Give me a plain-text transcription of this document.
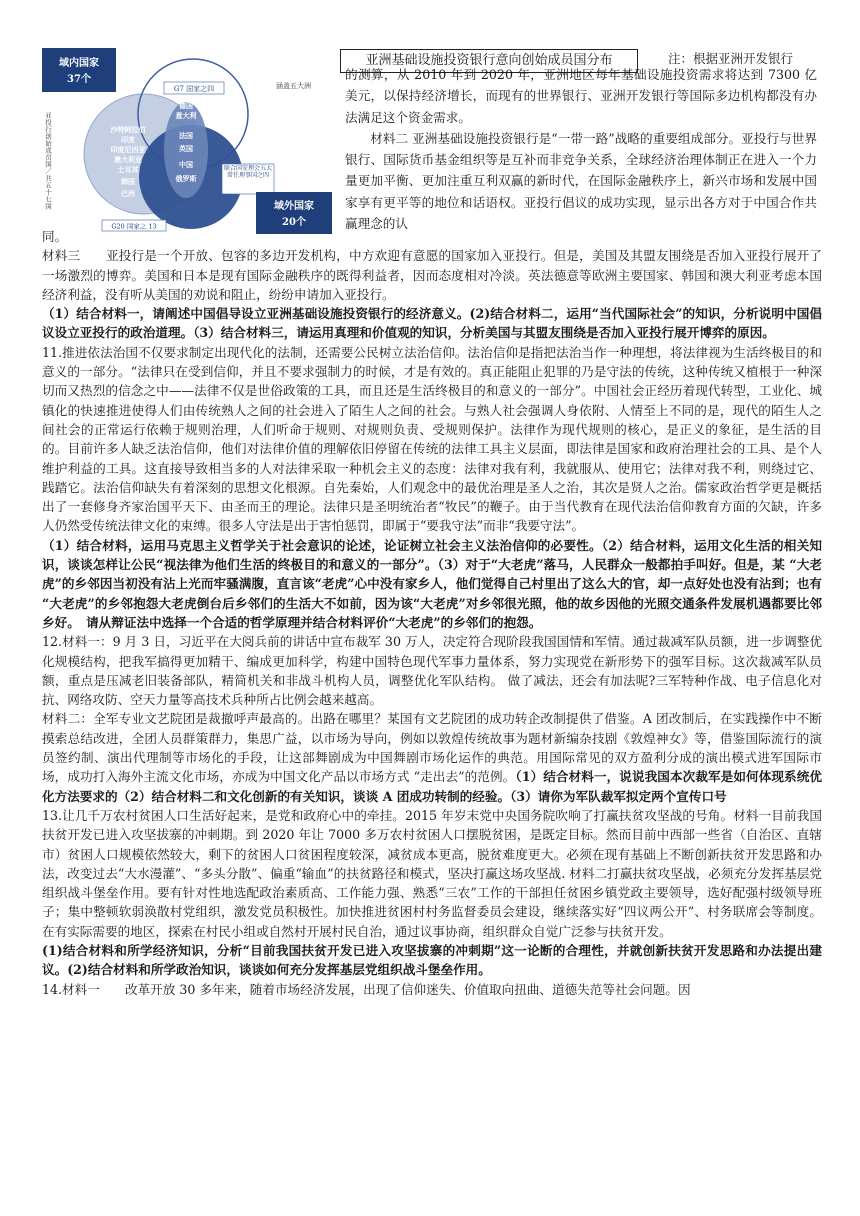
域内国家
37个
亚投行创始成员国／共五十七国
G7 国家之四
德国
意大利
法国
英国
中国
俄罗斯
沙特阿拉伯
印度
印度尼西亚
澳大利亚
土耳其
韩国
巴西
G20 国家之 13
联合国安理会五大常任理事国之四
涵盖五大洲
域外国家
20个
亚洲基础设施投资银行意向创始成员国分布	注：根据亚洲开发银行

的测算，从 2010 年到 2020 年，亚洲地区每年基础设施投资需求将达到 7300 亿美元，以保持经济增长，而现有的世界银行、亚洲开发银行等国际多边机构都没有办法满足这个资金需求。

材料二 亚洲基础设施投资银行是“一带一路”战略的重要组成部分。亚投行与世界银行、国际货币基金组织等是互补而非竞争关系，全球经济治理体制正在进入一个力量更加平衡、更加注重互利双赢的新时代，在国际金融秩序上，新兴市场和发展中国家享有更平等的地位和话语权。亚投行倡议的成功实现，显示出各方对于中国合作共赢理念的认

同。

材料三　　亚投行是一个开放、包容的多边开发机构，中方欢迎有意愿的国家加入亚投行。但是，美国及其盟友围绕是否加入亚投行展开了一场激烈的博弈。美国和日本是现有国际金融秩序的既得利益者，因而态度相对冷淡。英法德意等欧洲主要国家、韩国和澳大利亚考虑本国经济利益，没有听从美国的劝说和阻止，纷纷申请加入亚投行。

（1）结合材料一，请阐述中国倡导设立亚洲基础设施投资银行的经济意义。(2)结合材料二，运用“当代国际社会”的知识，分析说明中国倡议设立亚投行的政治道理。（3）结合材料三，请运用真理和价值观的知识，分析美国与其盟友围绕是否加入亚投行展开博弈的原因。

11.推进依法治国不仅要求制定出现代化的法制，还需要公民树立法治信仰。法治信仰是指把法治当作一种理想，将法律视为生活终极目的和意义的一部分。“法律只在受到信仰，并且不要求强制力的时候，才是有效的。真正能阻止犯罪的乃是守法的传统，这种传统又植根于一种深切而又热烈的信念之中——法律不仅是世俗政策的工具，而且还是生活终极目的和意义的一部分”。中国社会正经历着现代转型，工业化、城镇化的快速推进使得人们由传统熟人之间的社会进入了陌生人之间的社会。与熟人社会强调人身依附、人情至上不同的是，现代的陌生人之间社会的正常运行依赖于规则治理，人们听命于规则、对规则负责、受规则保护。法律作为现代规则的核心，是正义的象征，是生活的目的。目前许多人缺乏法治信仰，他们对法律价值的理解依旧停留在传统的法律工具主义层面，即法律是国家和政府治理社会的工具、是个人维护利益的工具。这直接导致相当多的人对法律采取一种机会主义的态度：法律对我有利，我就服从、使用它；法律对我不利，则绕过它、践踏它。法治信仰缺失有着深刻的思想文化根源。自先秦始，人们观念中的最优治理是圣人之治，其次是贤人之治。儒家政治哲学更是概括出了一套修身齐家治国平天下、由圣而王的理论。法律只是圣明统治者“牧民”的鞭子。由于当代教育在现代法治信仰教育方面的欠缺，许多人仍然受传统法律文化的束缚。很多人守法是出于害怕惩罚，即属于“要我守法”而非“我要守法”。

（1）结合材料，运用马克思主义哲学关于社会意识的论述，论证树立社会主义法治信仰的必要性。（2）结合材料，运用文化生活的相关知识，谈谈怎样让公民“视法律为他们生活的终极目的和意义的一部分”。（3）对于“大老虎”落马，人民群众一般都拍手叫好。但是，某 “大老虎”的乡邻因当初没有沾上光而牢骚满腹，直言该“老虎”心中没有家乡人，他们觉得自己村里出了这么大的官，却一点好处也没有沾到；也有 “大老虎”的乡邻抱怨大老虎倒台后乡邻们的生活大不如前，因为该“大老虎”对乡邻很光照，他的故乡因他的光照交通条件发展机遇都要比邻乡好。　请从辩证法中选择一个合适的哲学原理并结合材料评价“大老虎”的乡邻们的抱怨。

12.材料一：9 月 3 日，习近平在大阅兵前的讲话中宣布裁军 30 万人，决定符合现阶段我国国情和军情。通过裁减军队员额，进一步调整优化规模结构，把我军搞得更加精干、编成更加科学，构建中国特色现代军事力量体系，努力实现党在新形势下的强军目标。这次裁减军队员额，重点是压减老旧装备部队，精简机关和非战斗机构人员，调整优化军队结构。 做了减法，还会有加法呢?三军特种作战、电子信息化对抗、网络攻防、空天力量等高技术兵种所占比例会越来越高。

材料二：全军专业文艺院团是裁撤呼声最高的。出路在哪里？某国有文艺院团的成功转企改制提供了借鉴。A 团改制后，在实践操作中不断摸索总结改进，全团人员群策群力，集思广益，以市场为导向，例如以敦煌传统故事为题材新编杂技剧《敦煌神女》等，借鉴国际流行的演员签约制、演出代理制等市场化的手段，让这部舞剧成为中国舞剧市场化运作的典范。用国际常见的双方盈利分成的演出模式进军国际市场，成功打入海外主流文化市场，亦成为中国文化产品以市场方式 “走出去”的范例。（1）结合材料一，说说我国本次裁军是如何体现系统优化方法要求的（2）结合材料二和文化创新的有关知识，谈谈 A 团成功转制的经验。（3）请你为军队裁军拟定两个宣传口号

13.让几千万农村贫困人口生活好起来，是党和政府心中的牵挂。2015 年岁末党中央国务院吹响了打赢扶贫攻坚战的号角。材料一目前我国扶贫开发已进入攻坚拔寨的冲刺期。到 2020 年让 7000 多万农村贫困人口摆脱贫困，是既定目标。然而目前中西部一些省（自治区、直辖市）贫困人口规模依然较大，剩下的贫困人口贫困程度较深，减贫成本更高，脱贫难度更大。必须在现有基础上不断创新扶贫开发思路和办法，改变过去“大水漫灌”、“多头分散”、偏重“输血”的扶贫路径和模式，坚决打赢这场攻坚战. 材料二打赢扶贫攻坚战，必须充分发挥基层党组织战斗堡垒作用。要有针对性地选配政治素质高、工作能力强、熟悉“三农”工作的干部担任贫困乡镇党政主要领导，选好配强村级领导班子；集中整顿软弱涣散村党组织，激发党员积极性。加快推进贫困村村务监督委员会建设，继续落实好“四议两公开”、村务联席会等制度。在有实际需要的地区，探索在村民小组或自然村开展村民自治，通过议事协商，组织群众自觉广泛参与扶贫开发。

(1)结合材料和所学经济知识，分析“目前我国扶贫开发已进入攻坚拔寨的冲刺期”这一论断的合理性，并就创新扶贫开发思路和办法提出建议。(2)结合材料和所学政治知识，谈谈如何充分发挥基层党组织战斗堡垒作用。

14.材料一　　改革开放 30 多年来，随着市场经济发展，出现了信仰迷失、价值取向扭曲、道德失范等社会问题。因
